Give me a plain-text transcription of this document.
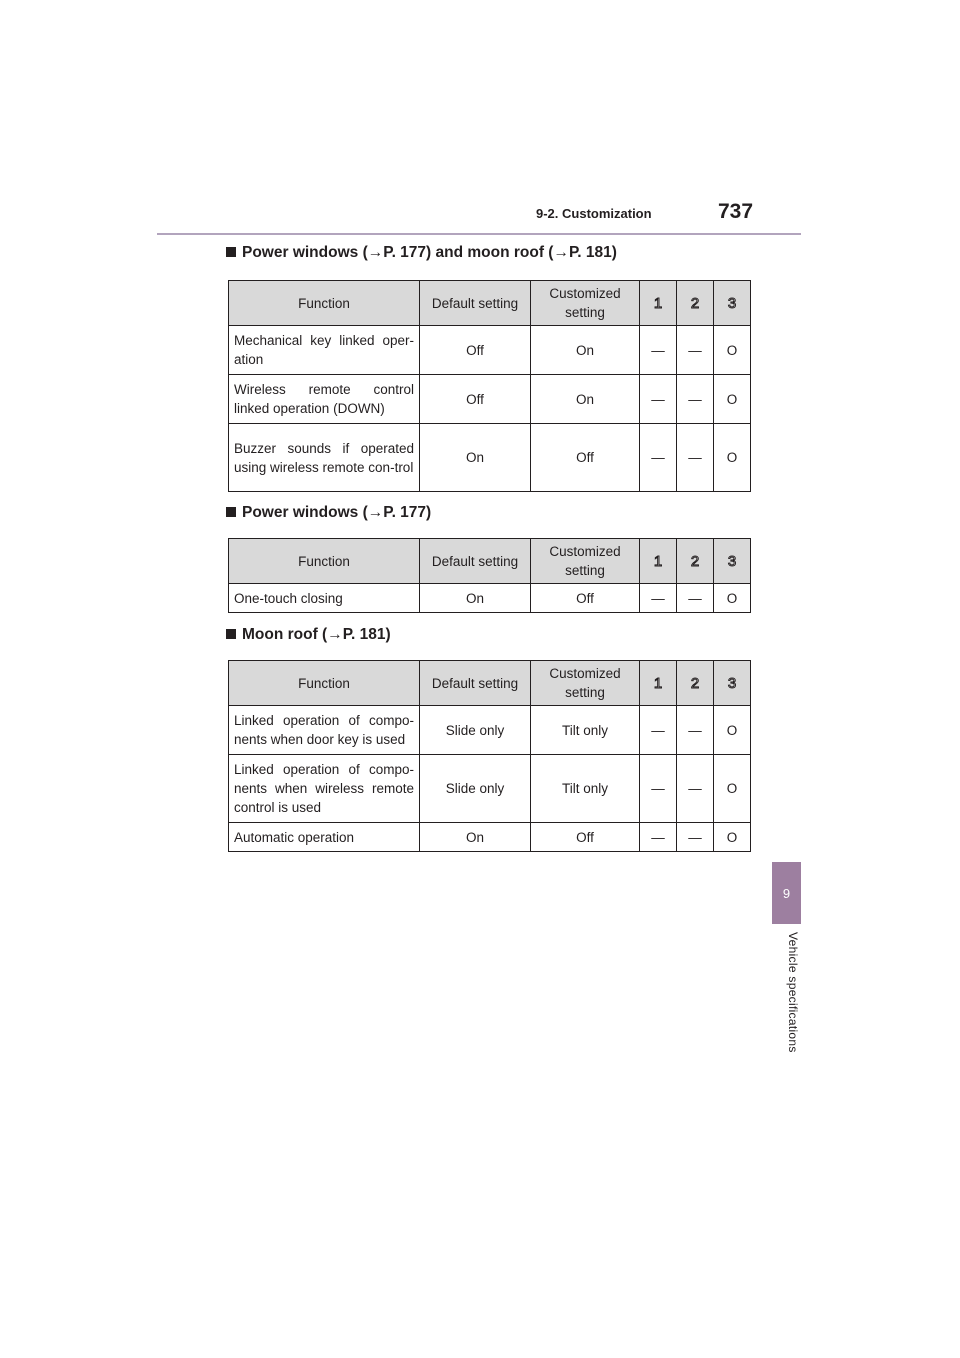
9-2. Customization	737
9
Vehicle specifications
Power windows (→P. 177) and moon roof (→P. 181)
Function	Default setting	Customized setting	1	2	3
Mechanical key linked oper-ation	Off	On	—	—	O
Wireless remote control linked operation (DOWN)	Off	On	—	—	O
Buzzer sounds if operated using wireless remote con-trol	On	Off	—	—	O
Power windows (→P. 177)
Function	Default setting	Customized setting	1	2	3
One-touch closing	On	Off	—	—	O
Moon roof (→P. 181)
Function	Default setting	Customized setting	1	2	3
Linked operation of compo-nents when door key is used	Slide only	Tilt only	—	—	O
Linked operation of compo-nents when wireless remote control is used	Slide only	Tilt only	—	—	O
Automatic operation	On	Off	—	—	O
